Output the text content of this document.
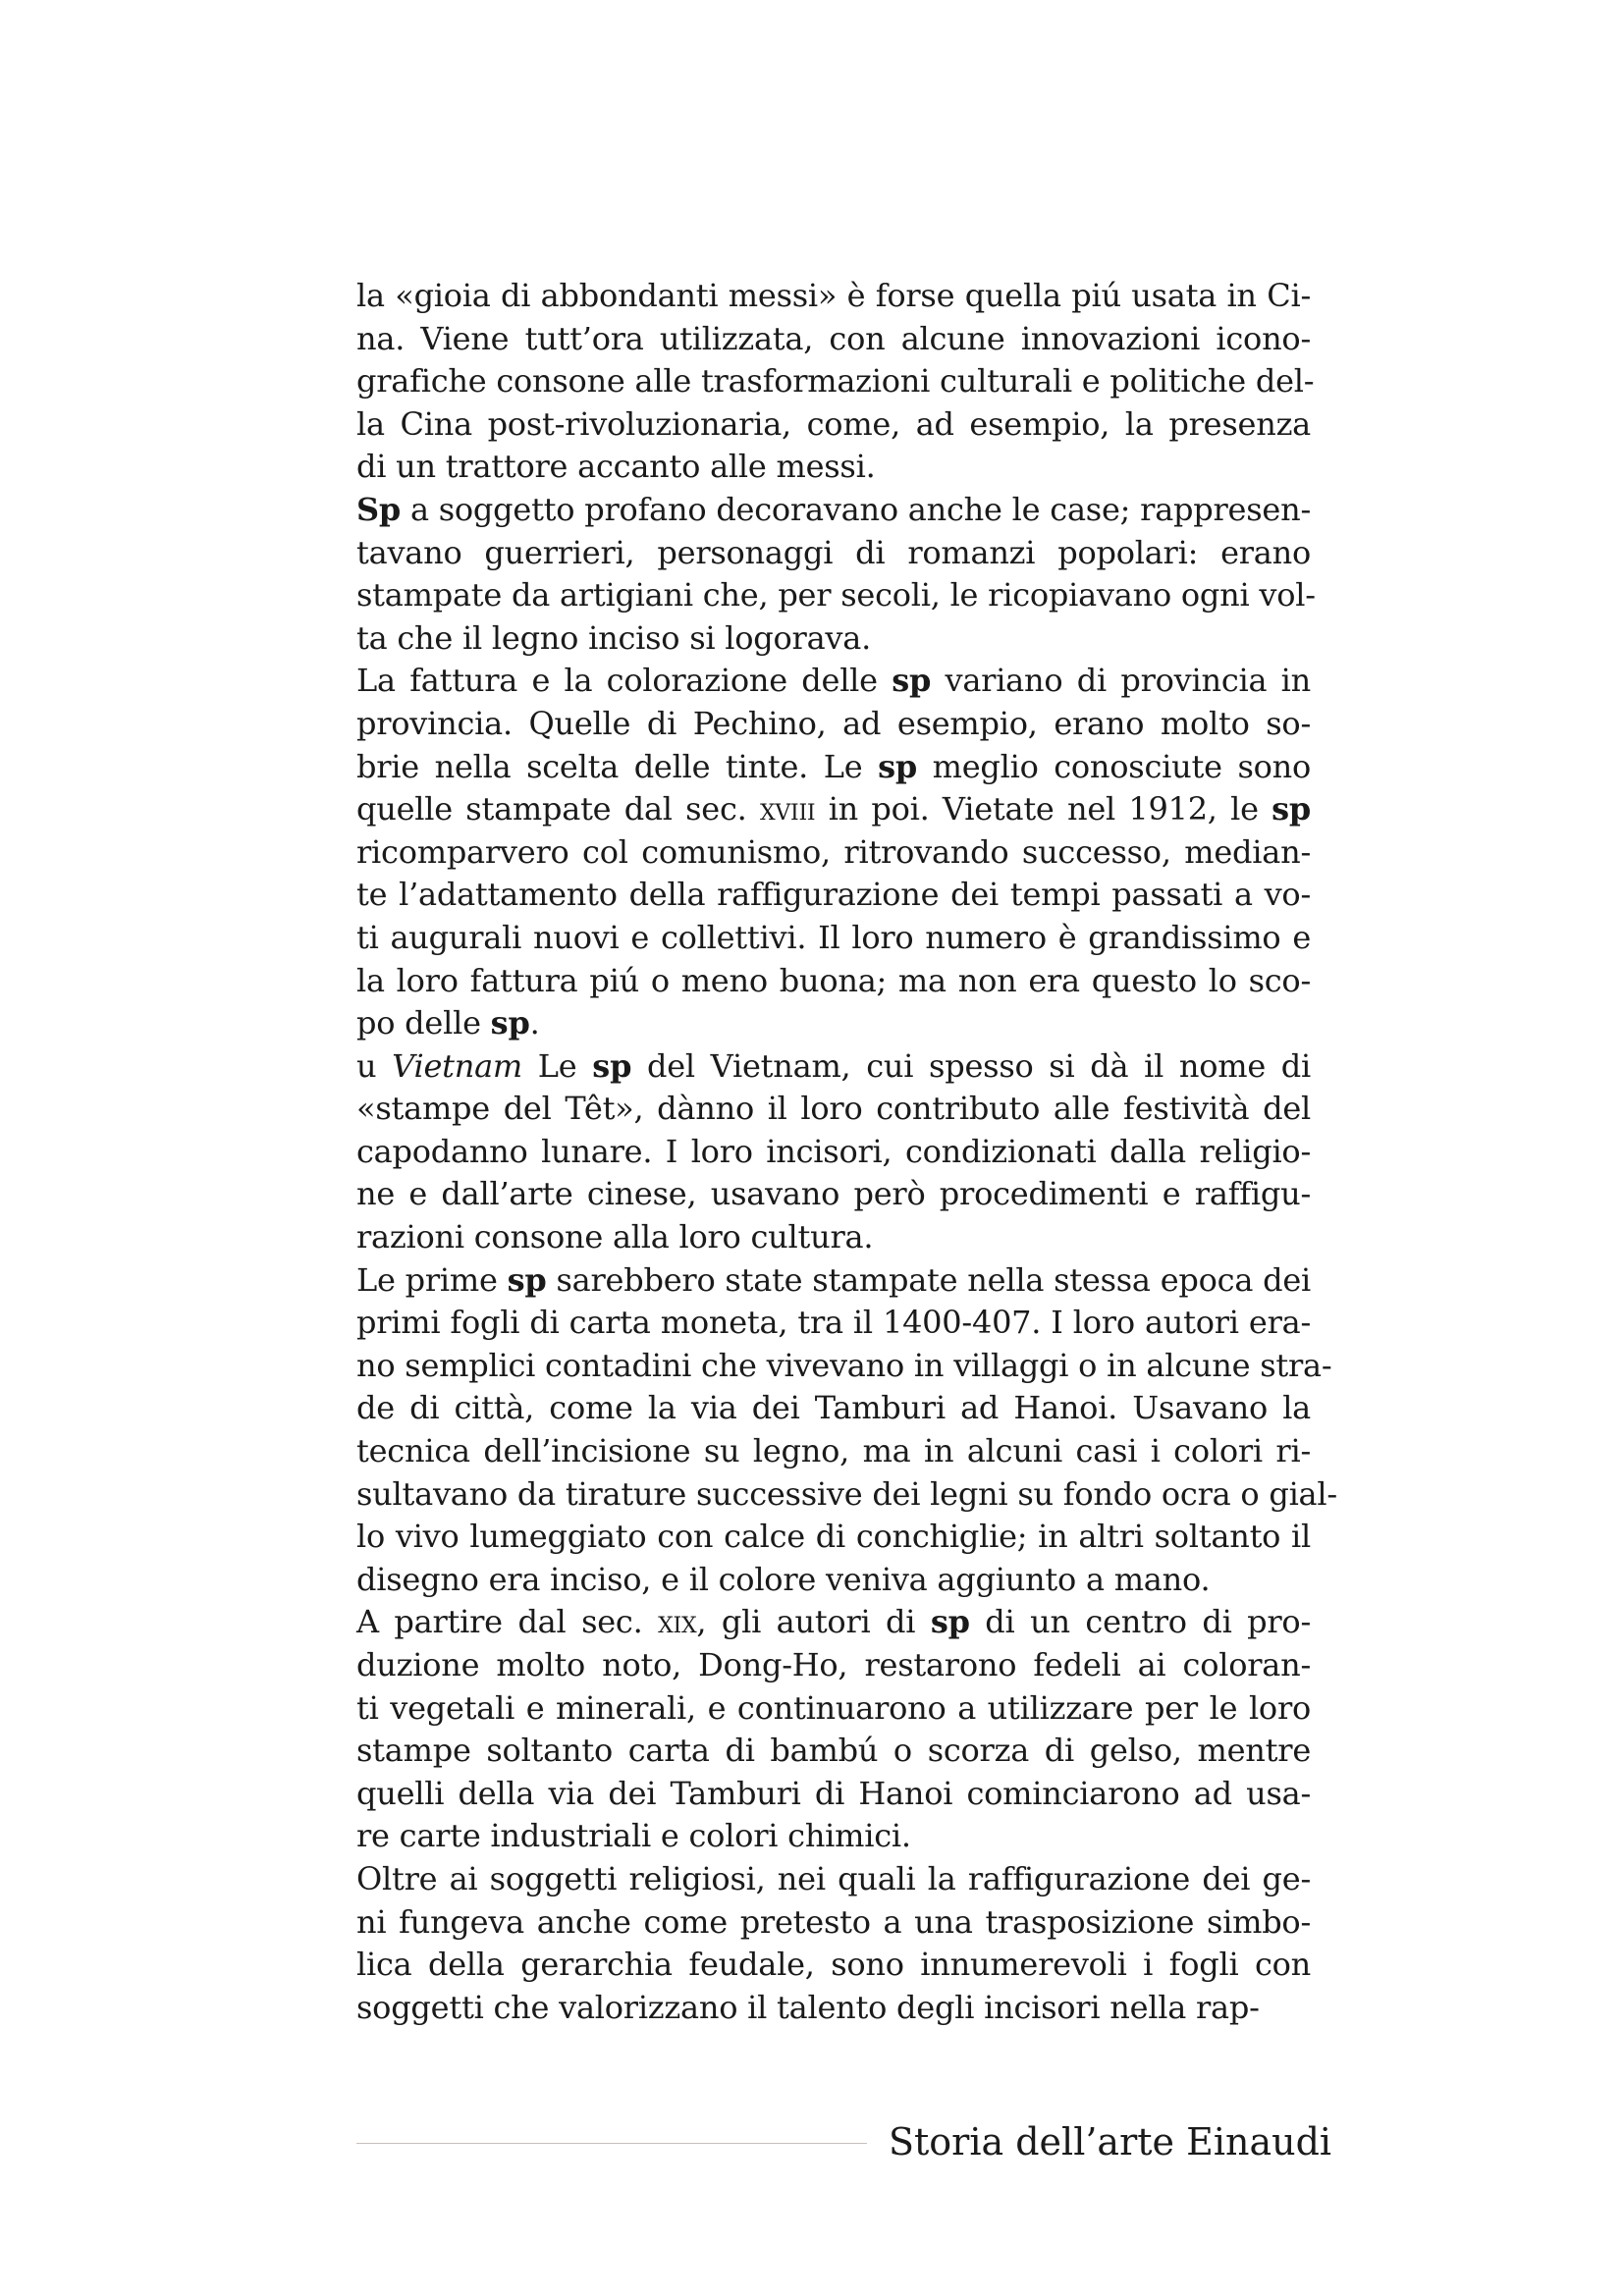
la «gioia di abbondanti messi» è forse quella piú usata in Ci-
na. Viene tutt’ora utilizzata, con alcune innovazioni icono-
grafiche consone alle trasformazioni culturali e politiche del-
la Cina post-rivoluzionaria, come, ad esempio, la presenza
di un trattore accanto alle messi.
Sp a soggetto profano decoravano anche le case; rappresen-
tavano guerrieri, personaggi di romanzi popolari: erano
stampate da artigiani che, per secoli, le ricopiavano ogni vol-
ta che il legno inciso si logorava.
La fattura e la colorazione delle sp variano di provincia in
provincia. Quelle di Pechino, ad esempio, erano molto so-
brie nella scelta delle tinte. Le sp meglio conosciute sono
quelle stampate dal sec. xviii in poi. Vietate nel 1912, le sp
ricomparvero col comunismo, ritrovando successo, median-
te l’adattamento della raffigurazione dei tempi passati a vo-
ti augurali nuovi e collettivi. Il loro numero è grandissimo e
la loro fattura piú o meno buona; ma non era questo lo sco-
po delle sp.
u Vietnam Le sp del Vietnam, cui spesso si dà il nome di
«stampe del Têt», dànno il loro contributo alle festività del
capodanno lunare. I loro incisori, condizionati dalla religio-
ne e dall’arte cinese, usavano però procedimenti e raffigu-
razioni consone alla loro cultura.
Le prime sp sarebbero state stampate nella stessa epoca dei
primi fogli di carta moneta, tra il 1400-407. I loro autori era-
no semplici contadini che vivevano in villaggi o in alcune stra-
de di città, come la via dei Tamburi ad Hanoi. Usavano la
tecnica dell’incisione su legno, ma in alcuni casi i colori ri-
sultavano da tirature successive dei legni su fondo ocra o gial-
lo vivo lumeggiato con calce di conchiglie; in altri soltanto il
disegno era inciso, e il colore veniva aggiunto a mano.
A partire dal sec. xix, gli autori di sp di un centro di pro-
duzione molto noto, Dong-Ho, restarono fedeli ai coloran-
ti vegetali e minerali, e continuarono a utilizzare per le loro
stampe soltanto carta di bambú o scorza di gelso, mentre
quelli della via dei Tamburi di Hanoi cominciarono ad usa-
re carte industriali e colori chimici.
Oltre ai soggetti religiosi, nei quali la raffigurazione dei ge-
ni fungeva anche come pretesto a una trasposizione simbo-
lica della gerarchia feudale, sono innumerevoli i fogli con
soggetti che valorizzano il talento degli incisori nella rap-
Storia dell’arte Einaudi
